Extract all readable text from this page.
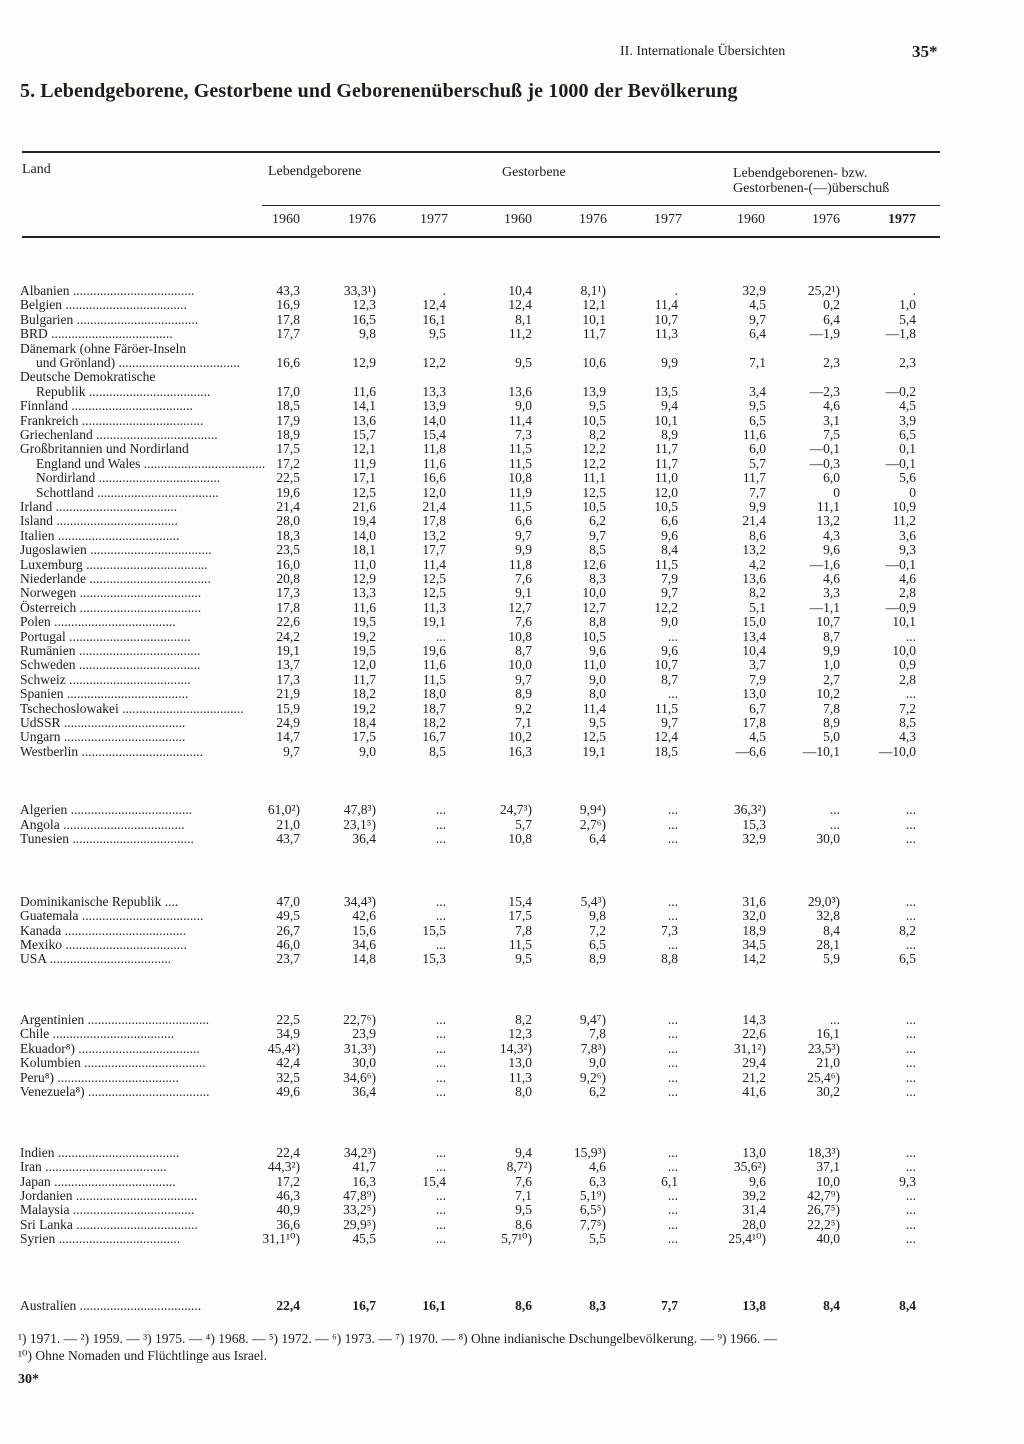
II. Internationale Übersichten	35*
5. Lebendgeborene, Gestorbene und Geborenenüberschuß je 1000 der Bevölkerung
Land	Lebendgeborene	Gestorbene	Lebendgeborenen- bzw.
Gestorbenen-(—)überschuß
1960	1976	1977	1960	1976	1977	1960	1976	1977
Albanien ....................................	43,3	33,3¹)	.	10,4	8,1¹)	.	32,9	25,2¹)	.
Belgien ....................................	16,9	12,3	12,4	12,4	12,1	11,4	4,5	0,2	1,0
Bulgarien ....................................	17,8	16,5	16,1	8,1	10,1	10,7	9,7	6,4	5,4
BRD ....................................	17,7	9,8	9,5	11,2	11,7	11,3	6,4	—1,9	—1,8
Dänemark (ohne Färöer-Inseln
und Grönland) ....................................	16,6	12,9	12,2	9,5	10,6	9,9	7,1	2,3	2,3
Deutsche Demokratische
Republik ....................................	17,0	11,6	13,3	13,6	13,9	13,5	3,4	—2,3	—0,2
Finnland ....................................	18,5	14,1	13,9	9,0	9,5	9,4	9,5	4,6	4,5
Frankreich ....................................	17,9	13,6	14,0	11,4	10,5	10,1	6,5	3,1	3,9
Griechenland ....................................	18,9	15,7	15,4	7,3	8,2	8,9	11,6	7,5	6,5
Großbritannien und Nordirland	17,5	12,1	11,8	11,5	12,2	11,7	6,0	—0,1	0,1
England und Wales .................................... 17,2	11,9	11,6	11,5	12,2	11,7	5,7	—0,3	—0,1
Nordirland ....................................	22,5	17,1	16,6	10,8	11,1	11,0	11,7	6,0	5,6
Schottland ....................................	19,6	12,5	12,0	11,9	12,5	12,0	7,7	0	0
Irland ....................................	21,4	21,6	21,4	11,5	10,5	10,5	9,9	11,1	10,9
Island ....................................	28,0	19,4	17,8	6,6	6,2	6,6	21,4	13,2	11,2
Italien ....................................	18,3	14,0	13,2	9,7	9,7	9,6	8,6	4,3	3,6
Jugoslawien ....................................	23,5	18,1	17,7	9,9	8,5	8,4	13,2	9,6	9,3
Luxemburg ....................................	16,0	11,0	11,4	11,8	12,6	11,5	4,2	—1,6	—0,1
Niederlande ....................................	20,8	12,9	12,5	7,6	8,3	7,9	13,6	4,6	4,6
Norwegen ....................................	17,3	13,3	12,5	9,1	10,0	9,7	8,2	3,3	2,8
Österreich ....................................	17,8	11,6	11,3	12,7	12,7	12,2	5,1	—1,1	—0,9
Polen ....................................	22,6	19,5	19,1	7,6	8,8	9,0	15,0	10,7	10,1
Portugal ....................................	24,2	19,2	...	10,8	10,5	...	13,4	8,7	...
Rumänien ....................................	19,1	19,5	19,6	8,7	9,6	9,6	10,4	9,9	10,0
Schweden ....................................	13,7	12,0	11,6	10,0	11,0	10,7	3,7	1,0	0,9
Schweiz ....................................	17,3	11,7	11,5	9,7	9,0	8,7	7,9	2,7	2,8
Spanien ....................................	21,9	18,2	18,0	8,9	8,0	...	13,0	10,2	...
Tschechoslowakei ....................................	15,9	19,2	18,7	9,2	11,4	11,5	6,7	7,8	7,2
UdSSR ....................................	24,9	18,4	18,2	7,1	9,5	9,7	17,8	8,9	8,5
Ungarn ....................................	14,7	17,5	16,7	10,2	12,5	12,4	4,5	5,0	4,3
Westberlin ....................................	9,7	9,0	8,5	16,3	19,1	18,5	—6,6	—10,1	—10,0
Algerien ....................................	61,0²)	47,8³)	...	24,7³)	9,9⁴)	...	36,3²)	...	...
Angola ....................................	21,0	23,1⁵)	...	5,7	2,7⁶)	...	15,3	...	...
Tunesien ....................................	43,7	36,4	...	10,8	6,4	...	32,9	30,0	...
Dominikanische Republik ....	47,0	34,4³)	...	15,4	5,4³)	...	31,6	29,0³)	...
Guatemala ....................................	49,5	42,6	...	17,5	9,8	...	32,0	32,8	...
Kanada ....................................	26,7	15,6	15,5	7,8	7,2	7,3	18,9	8,4	8,2
Mexiko ....................................	46,0	34,6	...	11,5	6,5	...	34,5	28,1	...
USA ....................................	23,7	14,8	15,3	9,5	8,9	8,8	14,2	5,9	6,5
Argentinien ....................................	22,5	22,7⁶)	...	8,2	9,4⁷)	...	14,3	...	...
Chile ....................................	34,9	23,9	...	12,3	7,8	...	22,6	16,1	...
Ekuador⁸) ....................................	45,4²)	31,3³)	...	14,3²)	7,8³)	...	31,1²)	23,5³)	...
Kolumbien ....................................	42,4	30,0	...	13,0	9,0	...	29,4	21,0	...
Peru⁸) ....................................	32,5	34,6⁶)	...	11,3	9,2⁶)	...	21,2	25,4⁶)	...
Venezuela⁸) ....................................	49,6	36,4	...	8,0	6,2	...	41,6	30,2	...
Indien ....................................	22,4	34,2³)	...	9,4	15,9³)	...	13,0	18,3³)	...
Iran ....................................	44,3²)	41,7	...	8,7²)	4,6	...	35,6²)	37,1	...
Japan ....................................	17,2	16,3	15,4	7,6	6,3	6,1	9,6	10,0	9,3
Jordanien ....................................	46,3	47,8⁹)	...	7,1	5,1⁹)	...	39,2	42,7⁹)	...
Malaysia ....................................	40,9	33,2⁵)	...	9,5	6,5⁵)	...	31,4	26,7⁵)	...
Sri Lanka ....................................	36,6	29,9⁵)	...	8,6	7,7⁵)	...	28,0	22,2⁵)	...
Syrien ....................................	31,1¹⁰)	45,5	...	5,7¹⁰)	5,5	...	25,4¹⁰)	40,0	...
Australien ....................................	22,4	16,7	16,1	8,6	8,3	7,7	13,8	8,4	8,4
¹) 1971. — ²) 1959. — ³) 1975. — ⁴) 1968. — ⁵) 1972. — ⁶) 1973. — ⁷) 1970. — ⁸) Ohne indianische Dschungelbevölkerung. — ⁹) 1966. —
¹⁰) Ohne Nomaden und Flüchtlinge aus Israel.
30*
